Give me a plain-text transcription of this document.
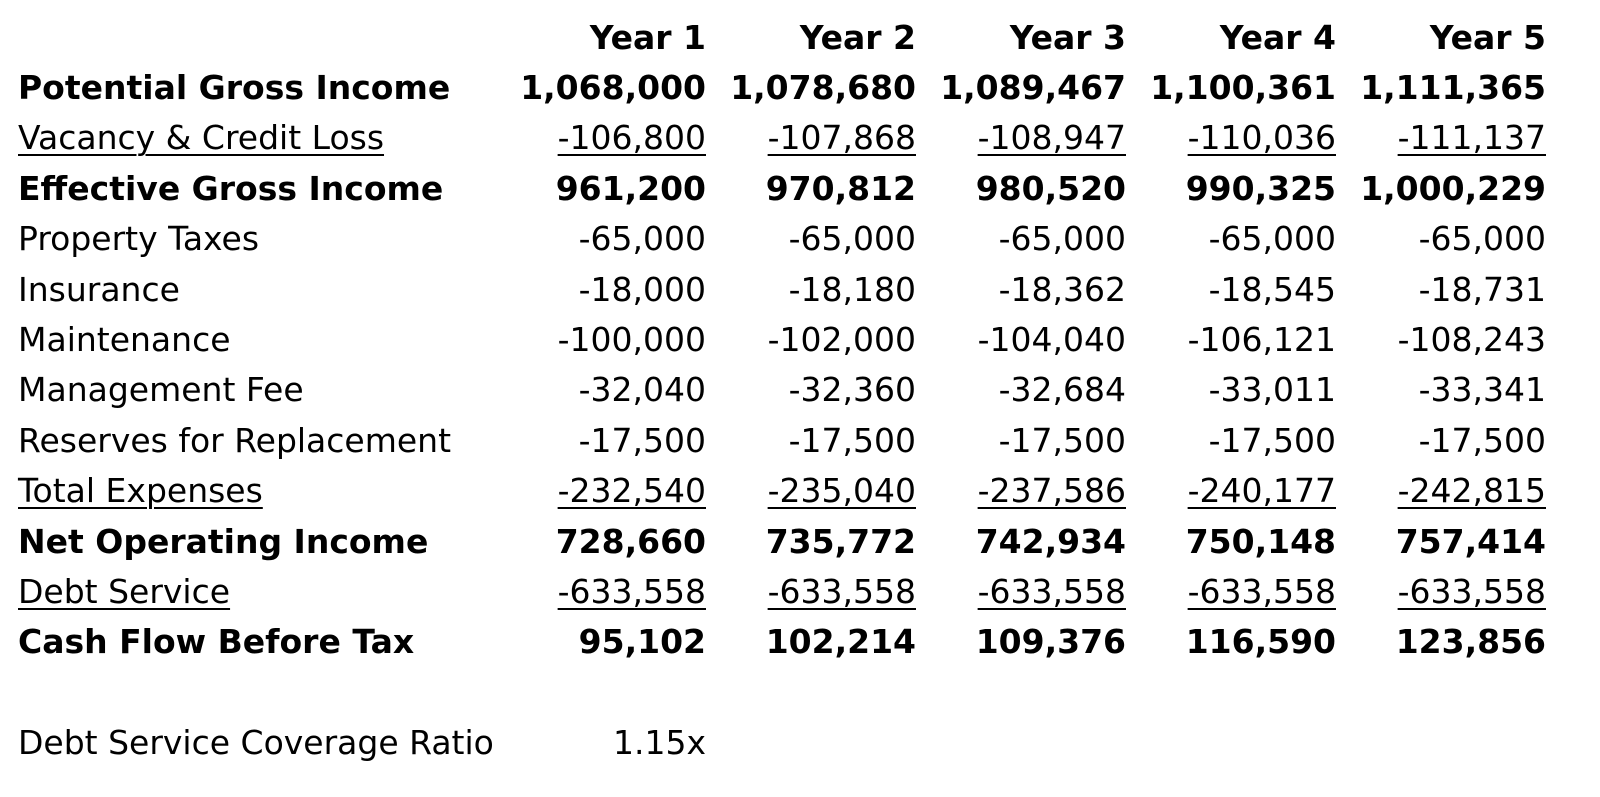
	Year 1	Year 2	Year 3	Year 4	Year 5
Potential Gross Income	1,068,000	1,078,680	1,089,467	1,100,361	1,111,365
Vacancy & Credit Loss	-106,800	-107,868	-108,947	-110,036	-111,137
Effective Gross Income	961,200	970,812	980,520	990,325	1,000,229
Property Taxes	-65,000	-65,000	-65,000	-65,000	-65,000
Insurance	-18,000	-18,180	-18,362	-18,545	-18,731
Maintenance	-100,000	-102,000	-104,040	-106,121	-108,243
Management Fee	-32,040	-32,360	-32,684	-33,011	-33,341
Reserves for Replacement	-17,500	-17,500	-17,500	-17,500	-17,500
Total Expenses	-232,540	-235,040	-237,586	-240,177	-242,815
Net Operating Income	728,660	735,772	742,934	750,148	757,414
Debt Service	-633,558	-633,558	-633,558	-633,558	-633,558
Cash Flow Before Tax	95,102	102,214	109,376	116,590	123,856

Debt Service Coverage Ratio	1.15x				
